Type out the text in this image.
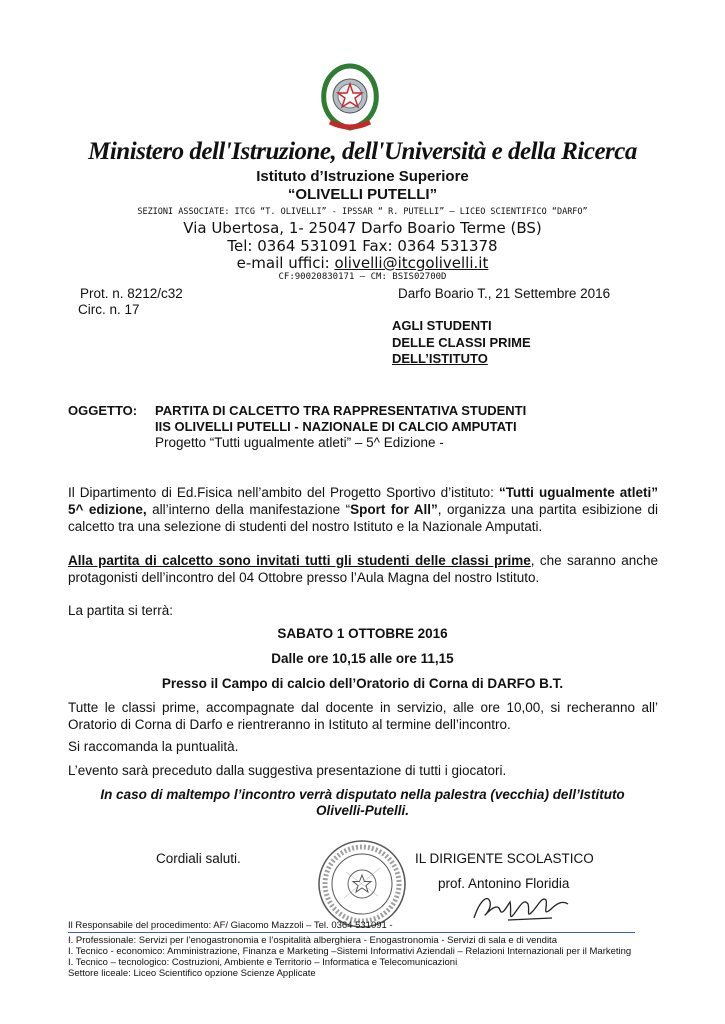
Ministero dell'Istruzione, dell'Università e della Ricerca
Istituto d’Istruzione Superiore
“OLIVELLI PUTELLI”
SEZIONI ASSOCIATE: ITCG “T. OLIVELLI” - IPSSAR “ R. PUTELLI” – LICEO SCIENTIFICO “DARFO”
Via Ubertosa, 1- 25047 Darfo Boario Terme (BS)
Tel: 0364 531091 Fax: 0364 531378
e-mail uffici: olivelli@itcgolivelli.it
CF:90020830171 – CM: BSIS02700D
Prot. n. 8212/c32
Circ. n. 17
Darfo Boario T., 21 Settembre 2016
AGLI STUDENTI
DELLE CLASSI PRIME
DELL’ISTITUTO
OGGETTO: PARTITA DI CALCETTO TRA RAPPRESENTATIVA STUDENTI
IIS OLIVELLI PUTELLI - NAZIONALE DI CALCIO AMPUTATI
Progetto “Tutti ugualmente atleti” – 5^ Edizione -

Il Dipartimento di Ed.Fisica nell’ambito del Progetto Sportivo d’istituto: “Tutti ugualmente atleti” 5^ edizione, all’interno della manifestazione “Sport for All”, organizza una partita esibizione di calcetto tra una selezione di studenti del nostro Istituto e la Nazionale Amputati.

Alla partita di calcetto sono invitati tutti gli studenti delle classi prime, che saranno anche protagonisti dell’incontro del 04 Ottobre presso l’Aula Magna del nostro Istituto.

La partita si terrà:
SABATO 1 OTTOBRE 2016
Dalle ore 10,15 alle ore 11,15
Presso il Campo di calcio dell’Oratorio di Corna di DARFO B.T.

Tutte le classi prime, accompagnate dal docente in servizio, alle ore 10,00, si recheranno all’ Oratorio di Corna di Darfo e rientreranno in Istituto al termine dell’incontro.

Si raccomanda la puntualità.
L’evento sarà preceduto dalla suggestiva presentazione di tutti i giocatori.
In caso di maltempo l’incontro verrà disputato nella palestra (vecchia) dell’Istituto
Olivelli-Putelli.
Cordiali saluti.	IL DIRIGENTE SCOLASTICO
prof. Antonino Floridia
Il Responsabile del procedimento: AF/ Giacomo Mazzoli – Tel. 0364 531091 -
I. Professionale: Servizi per l’enogastronomia e l’ospitalità alberghiera - Enogastronomia - Servizi di sala e di vendita
I. Tecnico - economico: Amministrazione, Finanza e Marketing –Sistemi Informativi Aziendali – Relazioni Internazionali per il Marketing
I. Tecnico – tecnologico: Costruzioni, Ambiente e Territorio – Informatica e Telecomunicazioni
Settore liceale: Liceo Scientifico opzione Scienze Applicate
